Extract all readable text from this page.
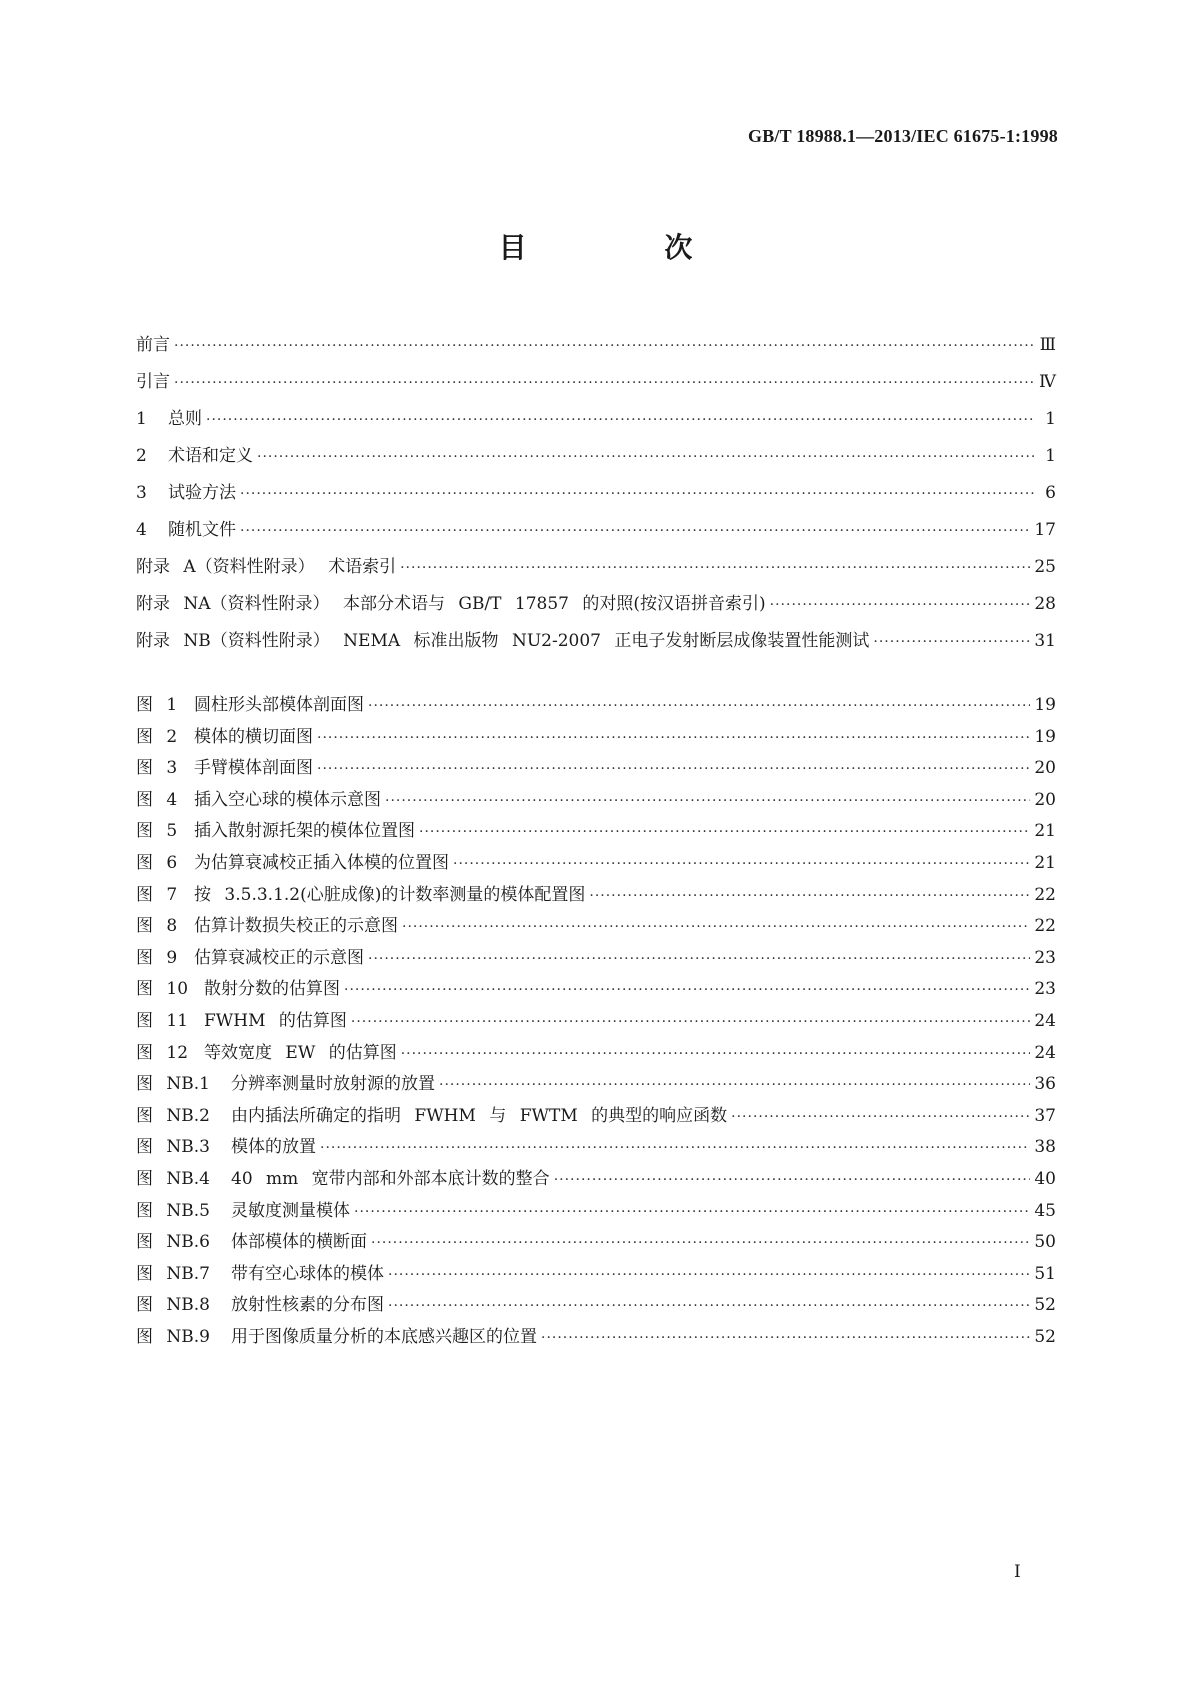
GB/T 18988.1—2013/IEC 61675-1:1998
目 次
前言 ·····	Ⅲ
引言 ·····	Ⅳ
1 总则 ·····	1
2 术语和定义 ·····	1
3 试验方法 ·····	6
4 随机文件 ·····	17
附录 A（资料性附录） 术语索引 ·····	25
附录 NA（资料性附录） 本部分术语与 GB/T 17857 的对照(按汉语拼音索引) ·····	28
附录 NB（资料性附录） NEMA 标准出版物 NU2-2007 正电子发射断层成像装置性能测试 ·····	31
图 1 圆柱形头部模体剖面图 ·····	19
图 2 模体的横切面图 ·····	19
图 3 手臂模体剖面图 ·····	20
图 4 插入空心球的模体示意图 ·····	20
图 5 插入散射源托架的模体位置图 ·····	21
图 6 为估算衰减校正插入体模的位置图 ·····	21
图 7 按 3.5.3.1.2(心脏成像)的计数率测量的模体配置图 ·····	22
图 8 估算计数损失校正的示意图 ·····	22
图 9 估算衰减校正的示意图 ·····	23
图 10 散射分数的估算图 ·····	23
图 11 FWHM 的估算图 ·····	24
图 12 等效宽度 EW 的估算图 ·····	24
图 NB.1 分辨率测量时放射源的放置 ·····	36
图 NB.2 由内插法所确定的指明 FWHM 与 FWTM 的典型的响应函数 ·····	37
图 NB.3 模体的放置 ·····	38
图 NB.4 40 mm 宽带内部和外部本底计数的整合 ·····	40
图 NB.5 灵敏度测量模体 ·····	45
图 NB.6 体部模体的横断面 ·····	50
图 NB.7 带有空心球体的模体 ·····	51
图 NB.8 放射性核素的分布图 ·····	52
图 NB.9 用于图像质量分析的本底感兴趣区的位置 ·····	52
I
